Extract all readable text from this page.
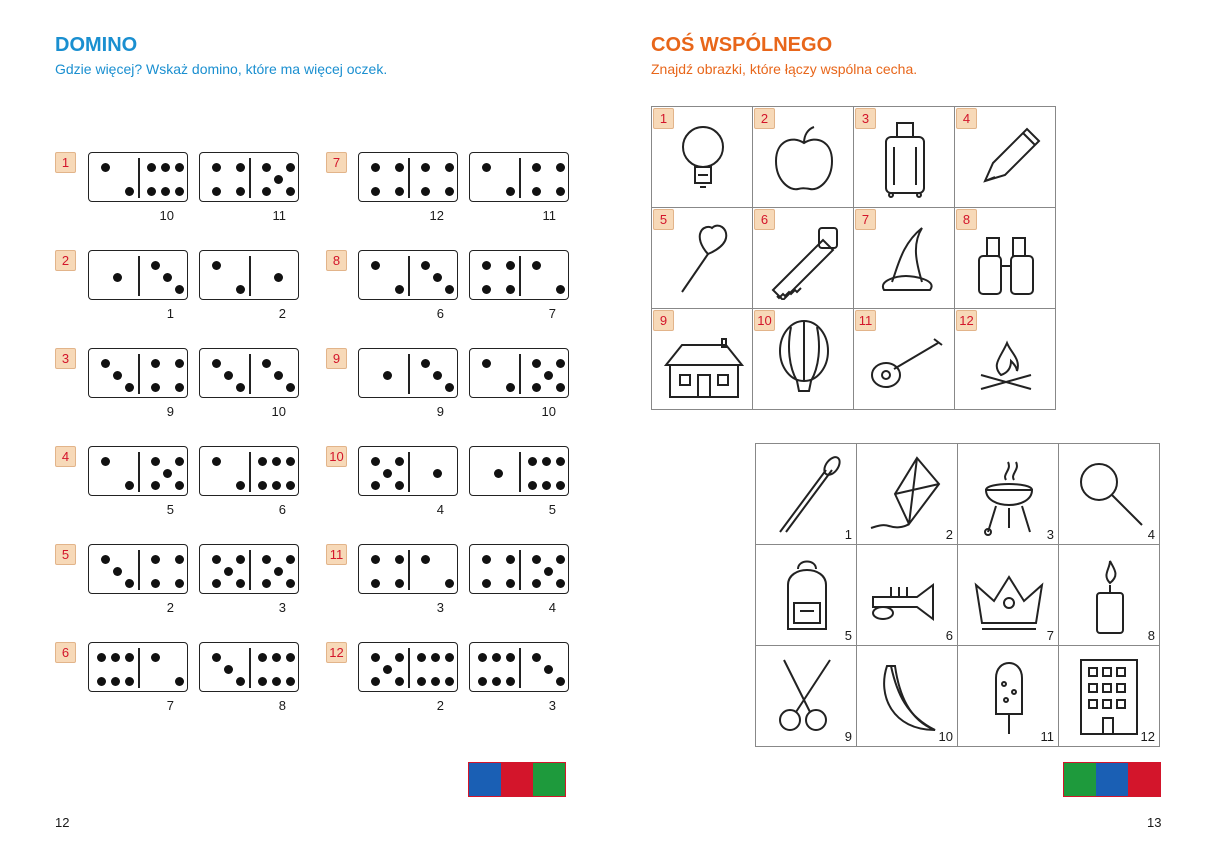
DOMINO
Gdzie więcej? Wskaż domino, które ma więcej oczek.
1
10	11
7
12	11
2
1	2
8
6	7
3
9	10
9
9	10
4
5	6
10
4	5
5
2	3
11
3	4
6
7	8
12
2	3
12
COŚ WSPÓLNEGO
Znajdź obrazki, które łączy wspólna cecha.
1	2	3	4
5	6	7	8
9	10	11	12
1	2	3	4
5	6	7	8
9	10	11	12
13
